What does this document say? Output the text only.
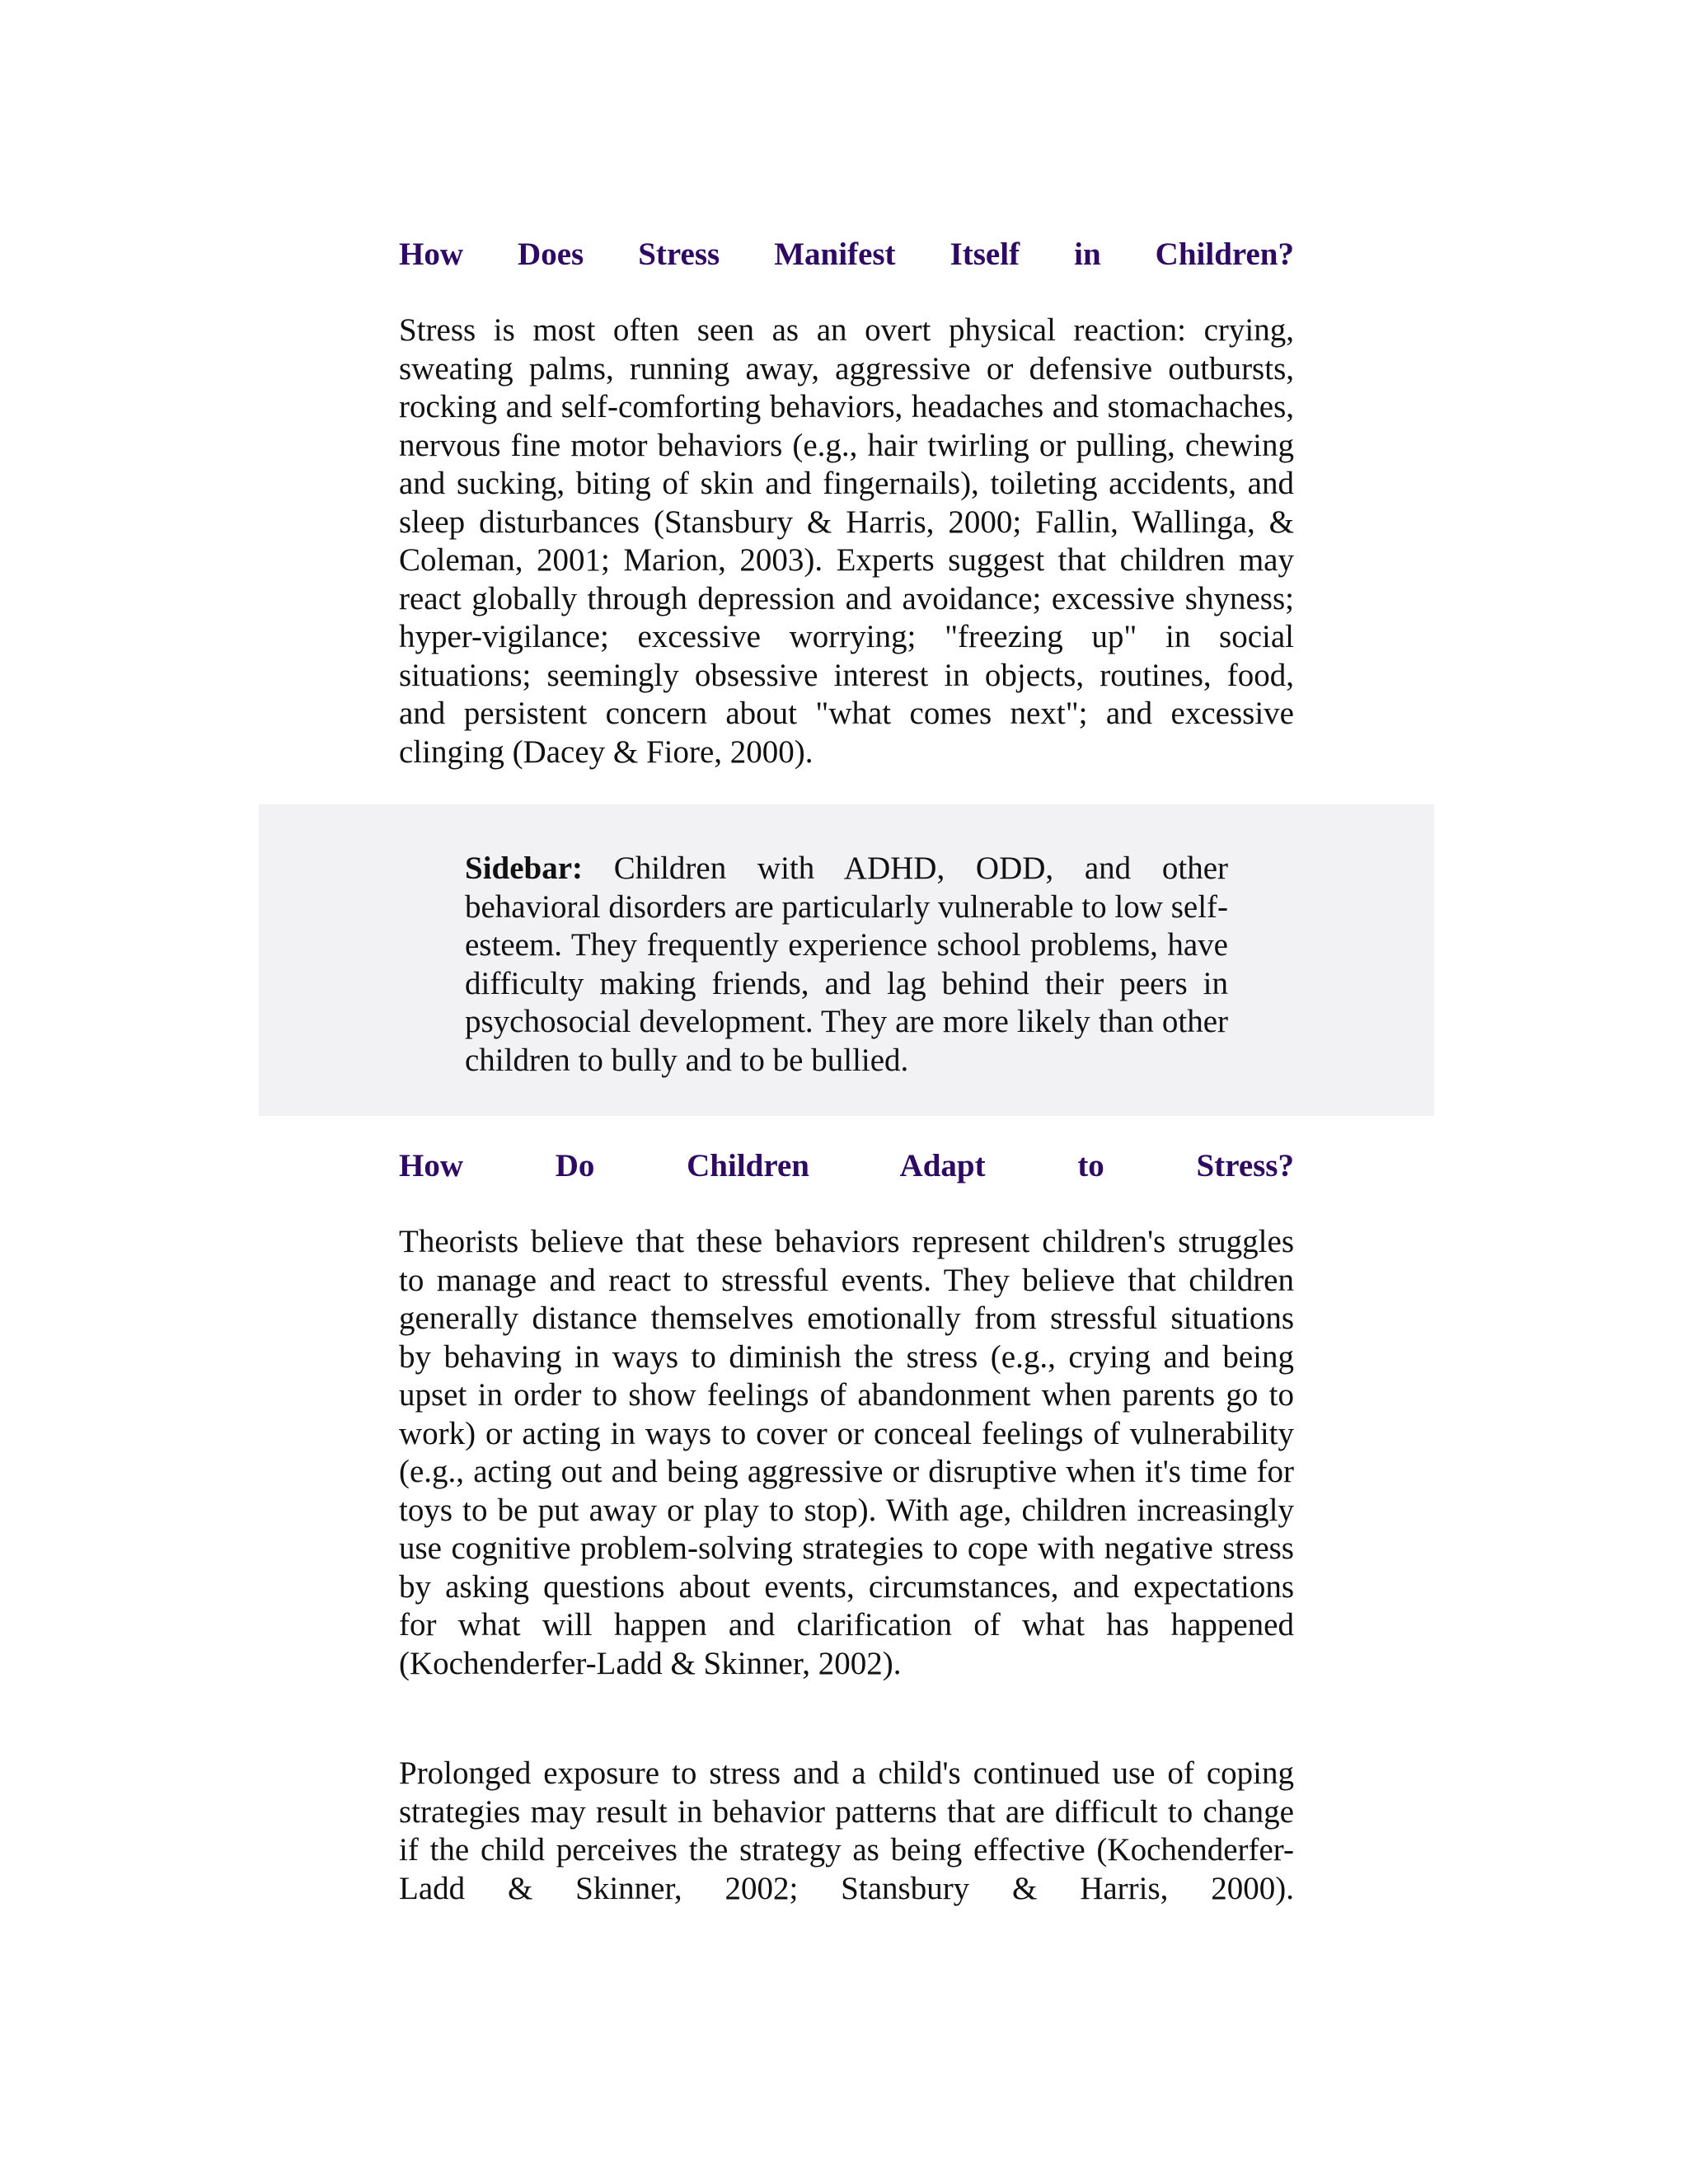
How Does Stress Manifest Itself in Children?

Stress is most often seen as an overt physical reaction: crying, sweating palms, running away, aggressive or defensive outbursts, rocking and self-comforting behaviors, headaches and stomachaches, nervous fine motor behaviors (e.g., hair twirling or pulling, chewing and sucking, biting of skin and fingernails), toileting accidents, and sleep disturbances (Stansbury & Harris, 2000; Fallin, Wallinga, & Coleman, 2001; Marion, 2003). Experts suggest that children may react globally through depression and avoidance; excessive shyness; hyper-vigilance; excessive worrying; "freezing up" in social situations; seemingly obsessive interest in objects, routines, food, and persistent concern about "what comes next"; and excessive clinging (Dacey & Fiore, 2000).

Sidebar: Children with ADHD, ODD, and other behavioral disorders are particularly vulnerable to low self-esteem. They frequently experience school problems, have difficulty making friends, and lag behind their peers in psychosocial development. They are more likely than other children to bully and to be bullied.

How Do Children Adapt to Stress?

Theorists believe that these behaviors represent children's struggles to manage and react to stressful events. They believe that children generally distance themselves emotionally from stressful situations by behaving in ways to diminish the stress (e.g., crying and being upset in order to show feelings of abandonment when parents go to work) or acting in ways to cover or conceal feelings of vulnerability (e.g., acting out and being aggressive or disruptive when it's time for toys to be put away or play to stop). With age, children increasingly use cognitive problem-solving strategies to cope with negative stress by asking questions about events, circumstances, and expectations for what will happen and clarification of what has happened (Kochenderfer-Ladd & Skinner, 2002).

Prolonged exposure to stress and a child's continued use of coping strategies may result in behavior patterns that are difficult to change if the child perceives the strategy as being effective (Kochenderfer-Ladd & Skinner, 2002; Stansbury & Harris, 2000).
